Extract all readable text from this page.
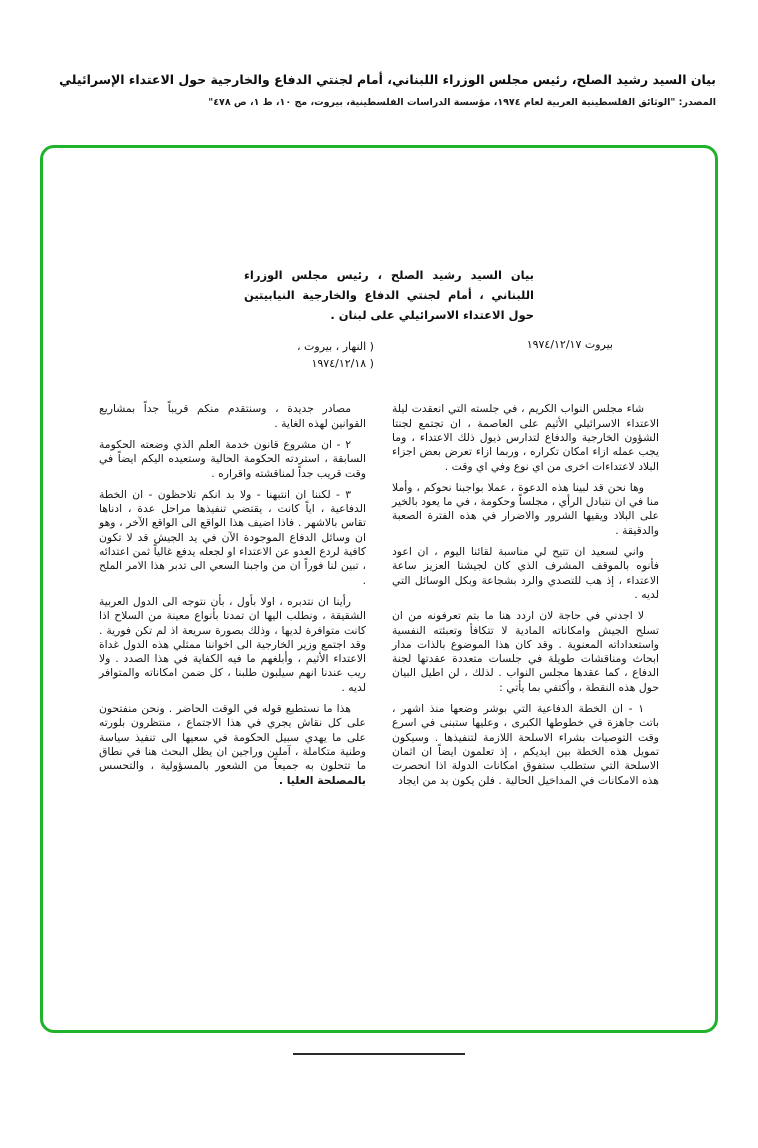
بيان السيد رشيد الصلح، رئيس مجلس الوزراء اللبناني، أمام لجنتي الدفاع والخارجية حول الاعتداء الإسرائيلي
المصدر: "الوثائق الفلسطينية العربية لعام ١٩٧٤، مؤسسة الدراسات الفلسطينية، بيروت، مج ١٠، ط ١، ص ٤٧٨"
بيان السيد رشيد الصلح ، رئيس مجلس الوزراء اللبناني ، أمام لجنتي الدفاع والخارجية النيابيتين حول الاعتداء الاسرائيلي على لبنان .
بيروت ١٩٧٤/١٢/١٧
( النهار ، بيروت ،
( ١٩٧٤/١٢/١٨

شاء مجلس النواب الكريم ، في جلسته التي انعقدت ليلة الاعتداء الاسرائيلي الأثيم على العاصمة ، ان تجتمع لجنتا الشؤون الخارجية والدفاع لتدارس ذيول ذلك الاعتداء ، وما يجب عمله ازاء امكان تكراره ، وربما ازاء تعرض بعض اجزاء البلاد لاعتداءات اخرى من اي نوع وفي اي وقت .

وها نحن قد لبينا هذه الدعوة ، عملا بواجبنا نحوكم ، وأملا منا في ان نتبادل الرأي ، مجلساً وحكومة ، في ما يعود بالخير على البلاد ويقيها الشرور والاضرار في هذه الفترة الصعبة والدقيقة .

واني لسعيد ان تتيح لي مناسبة لقائنا اليوم ، ان اعود فأنوه بالموقف المشرف الذي كان لجيشنا العزيز ساعة الاعتداء ، إذ هب للتصدي والرد بشجاعة وبكل الوسائل التي لديه .

لا اجدني في حاجة لان اردد هنا ما بتم تعرفونه من ان تسلح الجيش وامكاناته المادية لا تتكافأ وتعبئته النفسية واستعداداته المعنوية . وقد كان هذا الموضوع بالذات مدار ابحاث ومناقشات طويلة في جلسات متعددة عقدتها لجنة الدفاع ، كما عقدها مجلس النواب . لذلك ، لن اطيل البيان حول هذه النقطة ، وأكتفي بما يأتي :

١ - ان الخطة الدفاعية التي بوشر وضعها منذ اشهر ، باتت جاهزة في خطوطها الكبرى ، وعليها ستبنى في اسرع وقت التوصيات بشراء الاسلحة اللازمة لتنفيذها . وسيكون تمويل هذه الخطة بين ايديكم ، إذ تعلمون ايضاً ان اثمان الاسلحة التي ستطلب ستفوق امكانات الدولة اذا انحصرت هذه الامكانات في المداخيل الحالية . فلن يكون بد من ايجاد

مصادر جديدة ، وسنتقدم منكم قريباً جداً بمشاريع القوانين لهذه الغاية .

٢ - ان مشروع قانون خدمة العلم الذي وضعته الحكومة السابقة ، استردته الحكومة الحالية وستعيده اليكم ايضاً في وقت قريب جداً لمناقشته واقراره .

٣ - لكننا ان انتبهنا - ولا بد انكم تلاحظون - ان الخطة الدفاعية ، اياً كانت ، يقتضي تنفيذها مراحل عدة ، ادناها تقاس بالاشهر . فاذا اضيف هذا الواقع الى الواقع الآخر ، وهو ان وسائل الدفاع الموجودة الآن في يد الجيش قد لا تكون كافية لردع العدو عن الاعتداء او لجعله يدفع غالياً ثمن اعتدائه ، تبين لنا فوراً ان من واجبنا السعي الى تدبر هذا الامر الملح .

رأينا ان نتدبره ، اولا بأول ، بأن نتوجه الى الدول العربية الشقيقة ، ونطلب اليها ان تمدنا بأنواع معينة من السلاح اذا كانت متوافرة لديها ، وذلك بصورة سريعة اذ لم تكن فورية . وقد اجتمع وزير الخارجية الى اخواننا ممثلي هذه الدول غداة الاعتداء الأثيم ، وأبلغهم ما فيه الكفاية في هذا الصدد . ولا ريب عندنا انهم سيلبون طلبنا ، كل ضمن امكاناته والمتوافر لديه .

هذا ما نستطيع قوله في الوقت الحاضر . ونحن منفتحون على كل نقاش يجري في هذا الاجتماع ، منتظرون بلورته على ما يهدي سبيل الحكومة في سعيها الى تنفيذ سياسة وطنية متكاملة ، آملين وراجين ان يظل البحث هنا في نطاق ما تتحلون به جميعاً من الشعور بالمسؤولية ، والتحسس بالمصلحة العليا .
